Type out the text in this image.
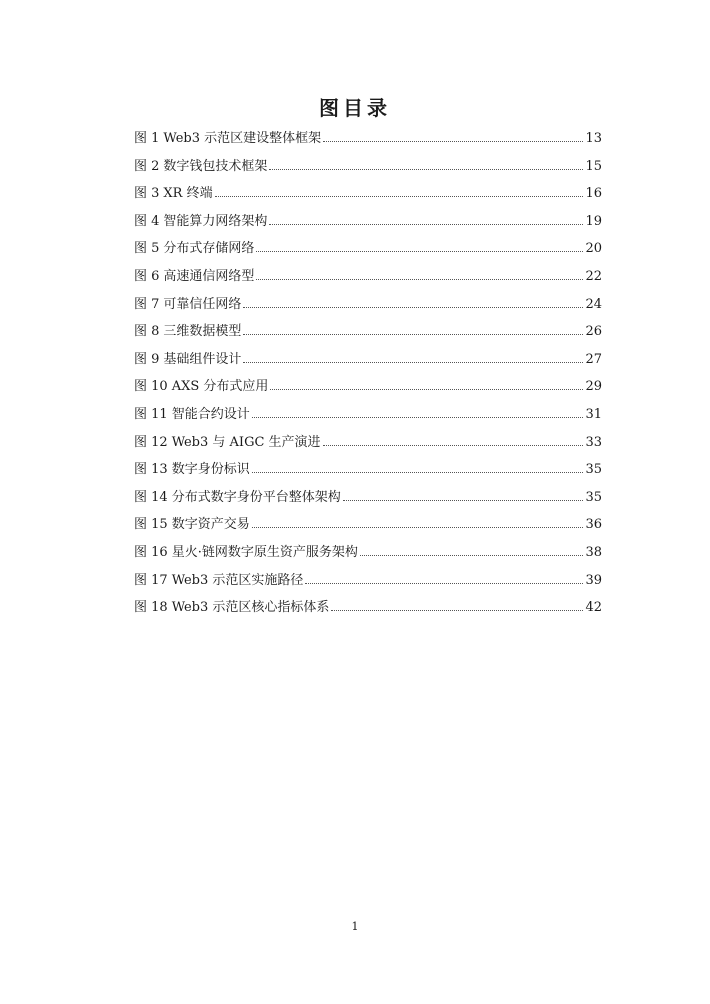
图目录
图 1 Web3 示范区建设整体框架	13
图 2 数字钱包技术框架	15
图 3 XR 终端	16
图 4 智能算力网络架构	19
图 5 分布式存储网络	20
图 6 高速通信网络型	22
图 7 可靠信任网络	24
图 8 三维数据模型	26
图 9 基础组件设计	27
图 10 AXS 分布式应用	29
图 11 智能合约设计	31
图 12 Web3 与 AIGC 生产演进	33
图 13 数字身份标识	35
图 14 分布式数字身份平台整体架构	35
图 15 数字资产交易	36
图 16 星火·链网数字原生资产服务架构	38
图 17 Web3 示范区实施路径	39
图 18 Web3 示范区核心指标体系	42
1
